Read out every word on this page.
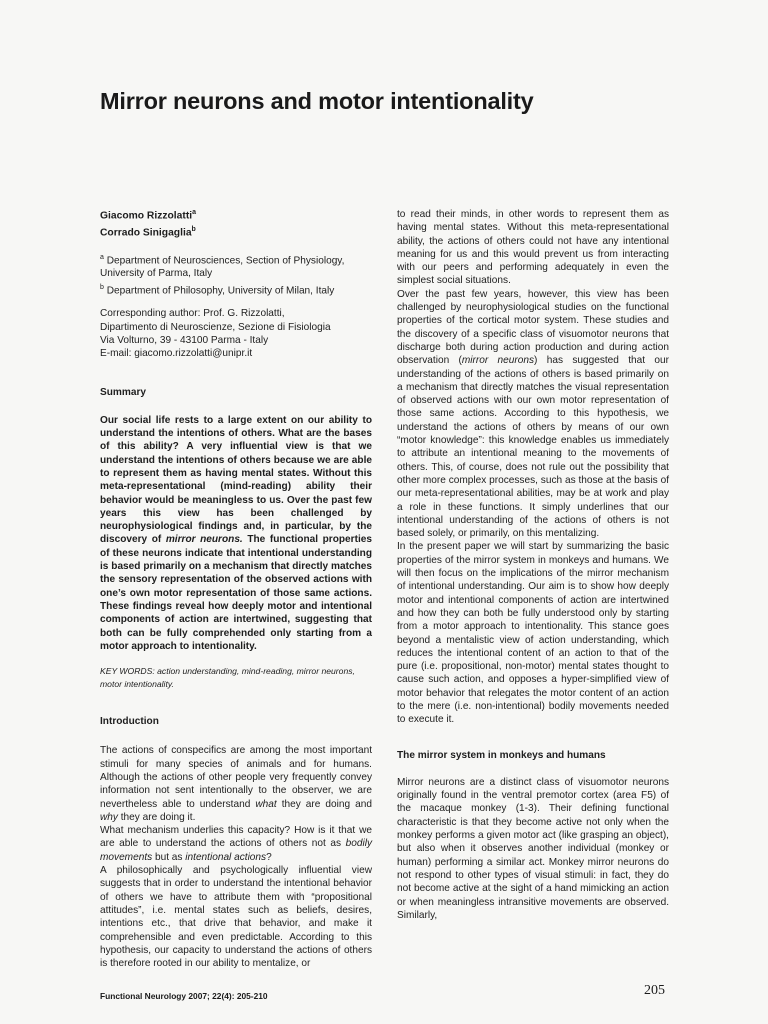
Mirror neurons and motor intentionality
Giacomo Rizzolatti$^a$
Corrado Sinigaglia$^b$

$^a$ Department of Neurosciences, Section of Physiology,

University of Parma, Italy

$^b$ Department of Philosophy, University of Milan, Italy

Corresponding author: Prof. G. Rizzolatti,

Dipartimento di Neuroscienze, Sezione di Fisiologia

Via Volturno, 39 - 43100 Parma - Italy

E-mail: giacomo.rizzolatti@unipr.it

Summary

Our social life rests to a large extent on our ability to understand the intentions of others. What are the bases of this ability? A very influential view is that we understand the intentions of others because we are able to represent them as having mental states. Without this meta-representational (mind-reading) ability their behavior would be meaningless to us. Over the past few years this view has been challenged by neurophysiological findings and, in particular, by the discovery of mirror neurons. The functional properties of these neurons indicate that intentional understanding is based primarily on a mechanism that directly matches the sensory representation of the observed actions with one’s own motor representation of those same actions. These findings reveal how deeply motor and intentional components of action are intertwined, suggesting that both can be fully comprehended only starting from a motor approach to intentionality.

KEY WORDS: action understanding, mind-reading, mirror neurons, motor intentionality.

Introduction

The actions of conspecifics are among the most important stimuli for many species of animals and for humans. Although the actions of other people very frequently convey information not sent intentionally to the observer, we are nevertheless able to understand what they are doing and why they are doing it.

What mechanism underlies this capacity? How is it that we are able to understand the actions of others not as bodily movements but as intentional actions?

A philosophically and psychologically influential view suggests that in order to understand the intentional behavior of others we have to attribute them with “propositional attitudes”, i.e. mental states such as beliefs, desires, intentions etc., that drive that behavior, and make it comprehensible and even predictable. According to this hypothesis, our capacity to understand the actions of others is therefore rooted in our ability to mentalize, or

to read their minds, in other words to represent them as having mental states. Without this meta-representational ability, the actions of others could not have any intentional meaning for us and this would prevent us from interacting with our peers and performing adequately in even the simplest social situations.

Over the past few years, however, this view has been challenged by neurophysiological studies on the functional properties of the cortical motor system. These studies and the discovery of a specific class of visuomotor neurons that discharge both during action production and during action observation (mirror neurons) has suggested that our understanding of the actions of others is based primarily on a mechanism that directly matches the visual representation of observed actions with our own motor representation of those same actions. According to this hypothesis, we understand the actions of others by means of our own “motor knowledge”: this knowledge enables us immediately to attribute an intentional meaning to the movements of others. This, of course, does not rule out the possibility that other more complex processes, such as those at the basis of our meta-representational abilities, may be at work and play a role in these functions. It simply underlines that our intentional understanding of the actions of others is not based solely, or primarily, on this mentalizing.

In the present paper we will start by summarizing the basic properties of the mirror system in monkeys and humans. We will then focus on the implications of the mirror mechanism of intentional understanding. Our aim is to show how deeply motor and intentional components of action are intertwined and how they can both be fully understood only by starting from a motor approach to intentionality. This stance goes beyond a mentalistic view of action understanding, which reduces the intentional content of an action to that of the pure (i.e. propositional, non-motor) mental states thought to cause such action, and opposes a hyper-simplified view of motor behavior that relegates the motor content of an action to the mere (i.e. non-intentional) bodily movements needed to execute it.

The mirror system in monkeys and humans

Mirror neurons are a distinct class of visuomotor neurons originally found in the ventral premotor cortex (area F5) of the macaque monkey (1-3). Their defining functional characteristic is that they become active not only when the monkey performs a given motor act (like grasping an object), but also when it observes another individual (monkey or human) performing a similar act. Monkey mirror neurons do not respond to other types of visual stimuli: in fact, they do not become active at the sight of a hand mimicking an action or when meaningless intransitive movements are observed. Similarly,

Functional Neurology 2007; 22(4): 205-210	205
